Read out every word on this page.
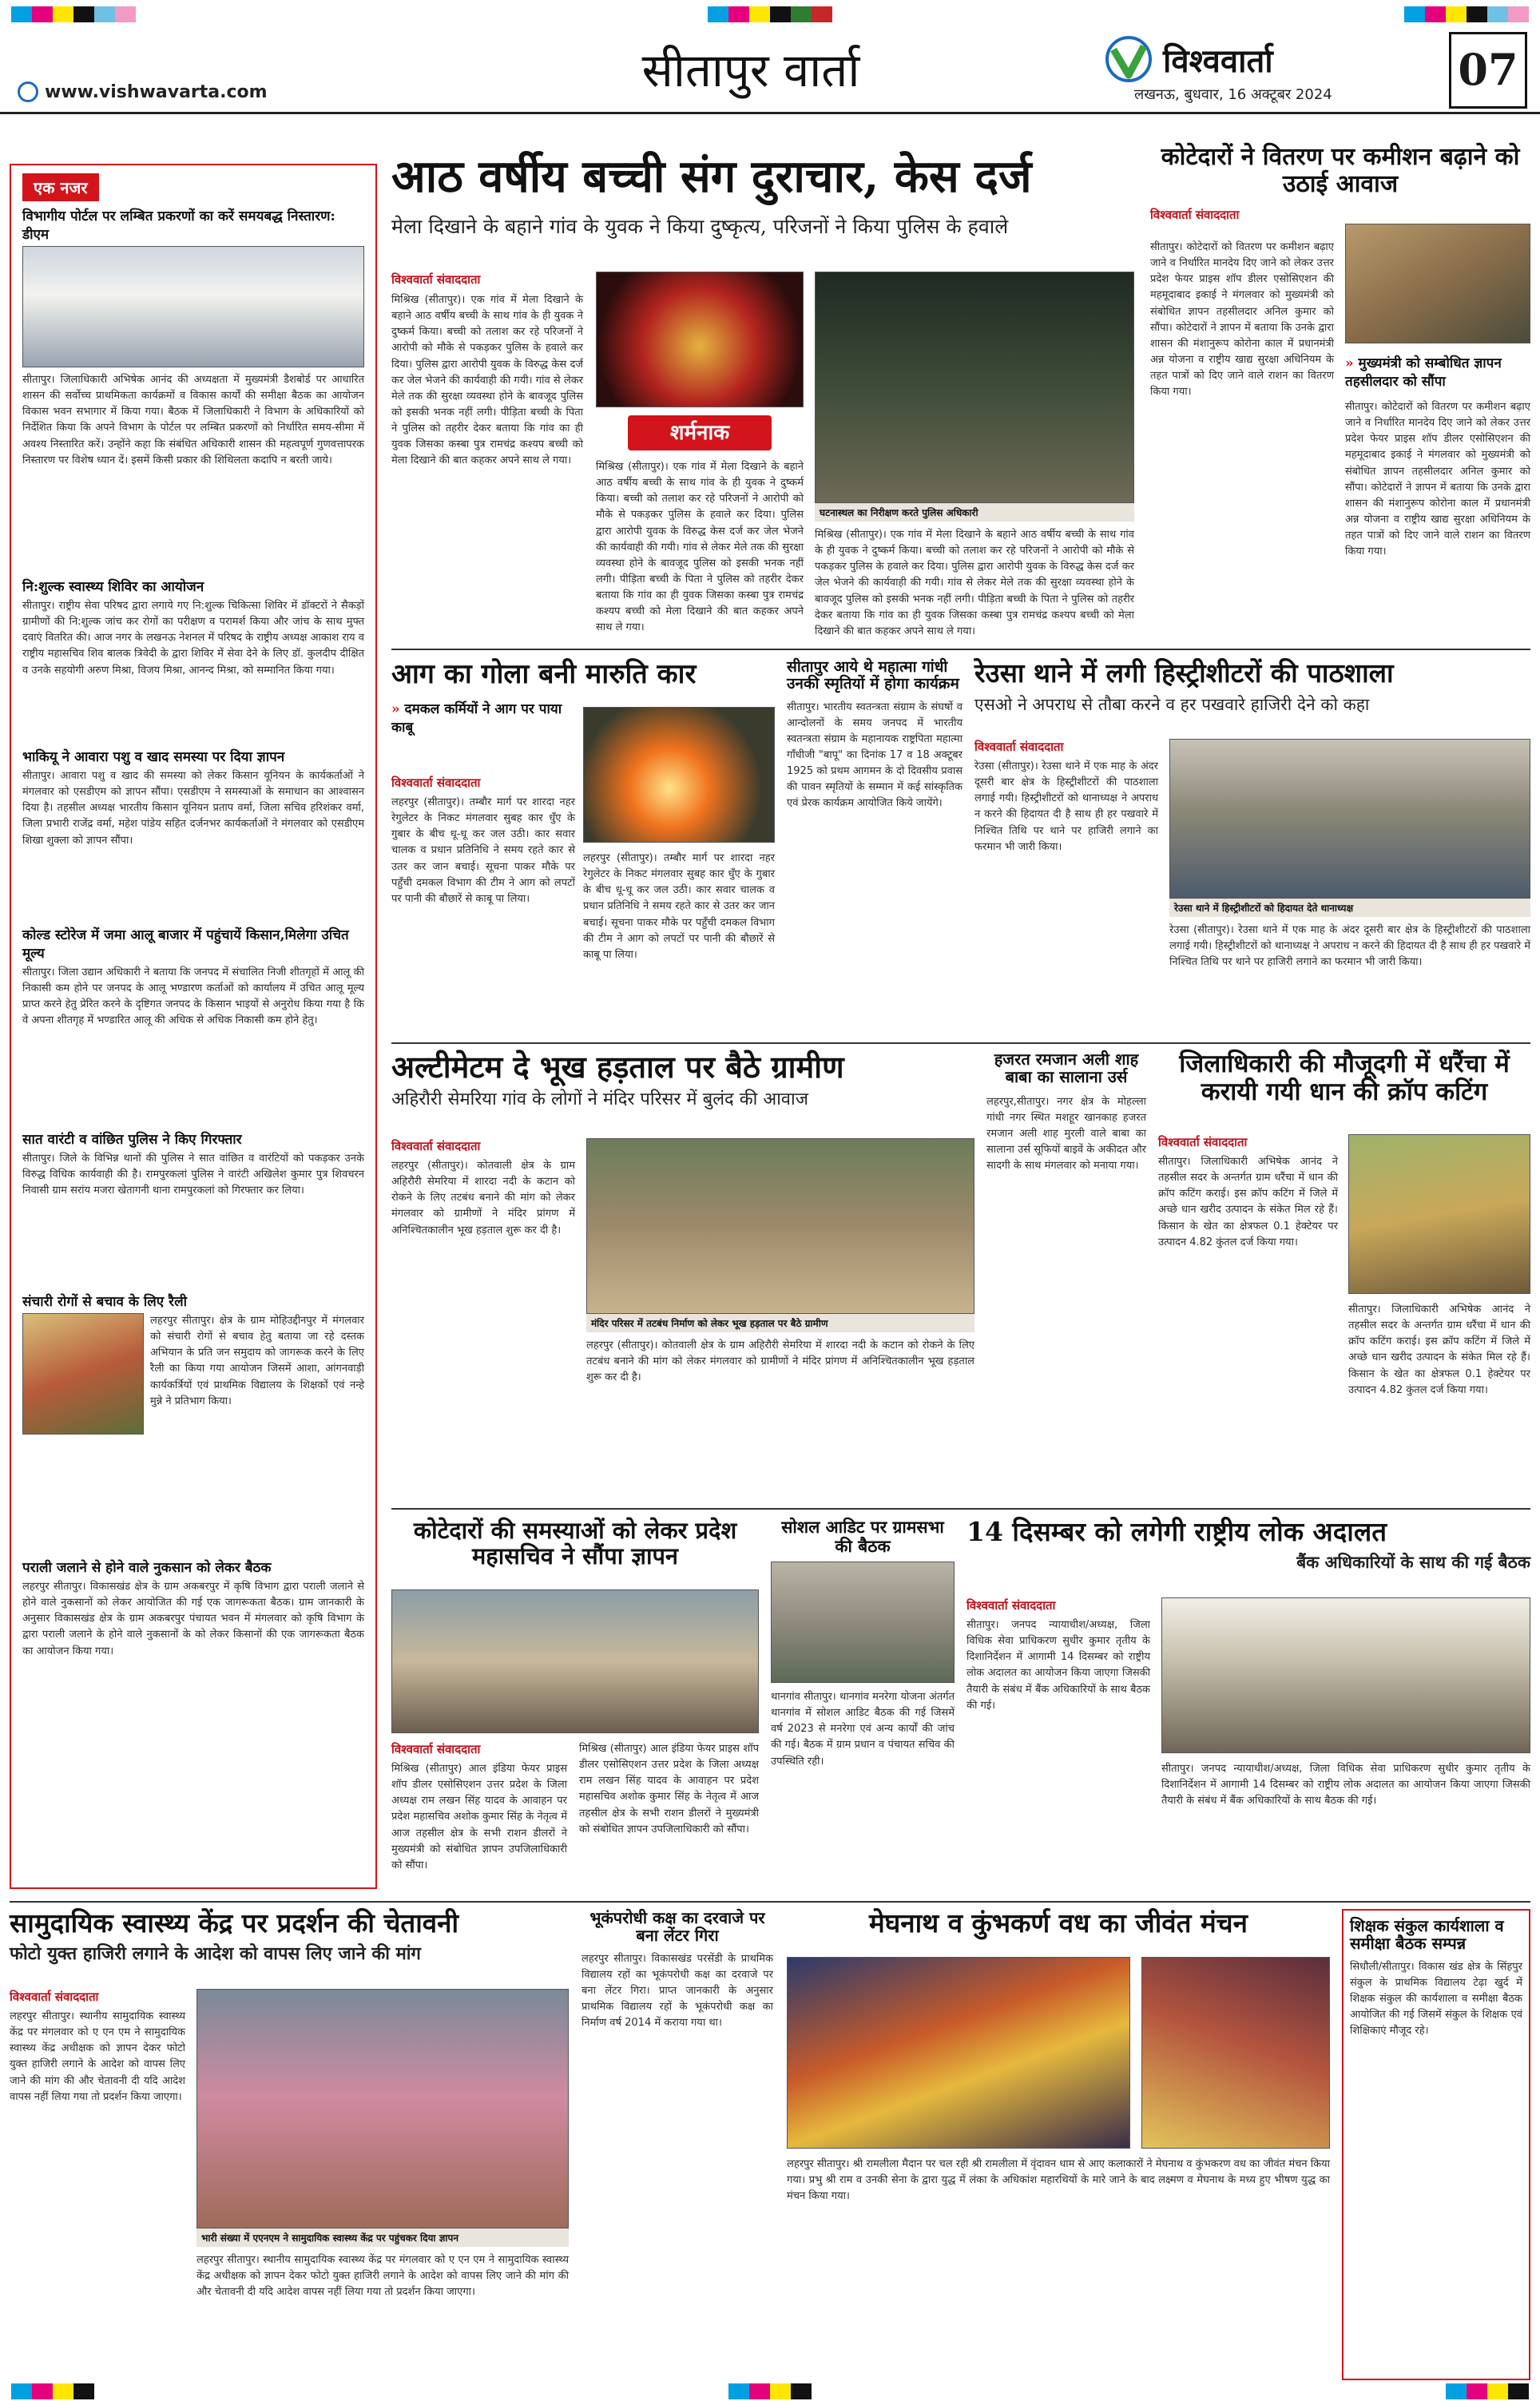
www.vishwavarta.com	सीतापुर वार्ता	विश्ववार्ता
लखनऊ, बुधवार, 16 अक्टूबर 2024	07
एक नजर
विभागीय पोर्टल पर लम्बित प्रकरणों का करें समयबद्ध निस्तारण: डीएम
सीतापुर। जिलाधिकारी अभिषेक आनंद की अध्यक्षता में मुख्यमंत्री डैशबोर्ड पर आधारित शासन की सर्वोच्च प्राथमिकता कार्यक्रमों व विकास कार्यों की समीक्षा बैठक का आयोजन विकास भवन सभागार में किया गया। बैठक में जिलाधिकारी ने विभाग के अधिकारियों को निर्देशित किया कि अपने विभाग के पोर्टल पर लम्बित प्रकरणों को निर्धारित समय-सीमा में अवश्य निस्तारित करें। उन्होंने कहा कि संबंधित अधिकारी शासन की महत्वपूर्ण गुणवत्तापरक निस्तारण पर विशेष ध्यान दें। इसमें किसी प्रकार की शिथिलता कदापि न बरती जाये।
नि:शुल्क स्वास्थ्य शिविर का आयोजन
सीतापुर। राष्ट्रीय सेवा परिषद द्वारा लगाये गए नि:शुल्क चिकित्सा शिविर में डॉक्टरों ने सैकड़ों ग्रामीणों की नि:शुल्क जांच कर रोगों का परीक्षण व परामर्श किया और जांच के साथ मुफ्त दवाएं वितरित की। आज नगर के लखनऊ नेशनल में परिषद के राष्ट्रीय अध्यक्ष आकाश राय व राष्ट्रीय महासचिव शिव बालक त्रिवेदी के द्वारा शिविर में सेवा देने के लिए डॉ. कुलदीप दीक्षित व उनके सहयोगी अरुण मिश्रा, विजय मिश्रा, आनन्द मिश्रा, को सम्मानित किया गया।
भाकियू ने आवारा पशु व खाद समस्या पर दिया ज्ञापन
सीतापुर। आवारा पशु व खाद की समस्या को लेकर किसान यूनियन के कार्यकर्ताओं ने मंगलवार को एसडीएम को ज्ञापन सौंपा। एसडीएम ने समस्याओं के समाधान का आश्वासन दिया है। तहसील अध्यक्ष भारतीय किसान यूनियन प्रताप वर्मा, जिला सचिव हरिशंकर वर्मा, जिला प्रभारी राजेंद्र वर्मा, महेश पांडेय सहित दर्जनभर कार्यकर्ताओं ने मंगलवार को एसडीएम शिखा शुक्ला को ज्ञापन सौंपा।
कोल्ड स्टोरेज में जमा आलू बाजार में पहुंचायें किसान,मिलेगा उचित मूल्य
सीतापुर। जिला उद्यान अधिकारी ने बताया कि जनपद में संचालित निजी शीतगृहों में आलू की निकासी कम होने पर जनपद के आलू भण्डारण कर्ताओं को कार्यालय में उचित आलू मूल्य प्राप्त करने हेतु प्रेरित करने के दृष्टिगत जनपद के किसान भाइयों से अनुरोध किया गया है कि वे अपना शीतगृह में भण्डारित आलू की अधिक से अधिक निकासी कम होने हेतु।
सात वारंटी व वांछित पुलिस ने किए गिरफ्तार
सीतापुर। जिले के विभिन्न थानों की पुलिस ने सात वांछित व वारंटियों को पकड़कर उनके विरुद्ध विधिक कार्यवाही की है। रामपुरकलां पुलिस ने वारंटी अखिलेश कुमार पुत्र शिवचरन निवासी ग्राम सरांय मजरा खेतागनी थाना रामपुरकलां को गिरफ्तार कर लिया।
संचारी रोगों से बचाव के लिए रैली
लहरपुर सीतापुर। क्षेत्र के ग्राम मोहिउद्दीनपुर में मंगलवार को संचारी रोगों से बचाव हेतु बताया जा रहे दस्तक अभियान के प्रति जन समुदाय को जागरूक करने के लिए रैली का किया गया आयोजन जिसमें आशा, आंगनवाड़ी कार्यकर्त्रियों एवं प्राथमिक विद्यालय के शिक्षकों एवं नन्हे मुन्ने ने प्रतिभाग किया।
पराली जलाने से होने वाले नुकसान को लेकर बैठक
लहरपुर सीतापुर। विकासखंड क्षेत्र के ग्राम अकबरपुर में कृषि विभाग द्वारा पराली जलाने से होने वाले नुकसानों को लेकर आयोजित की गई एक जागरूकता बैठक। ग्राम जानकारी के अनुसार विकासखंड क्षेत्र के ग्राम अकबरपुर पंचायत भवन में मंगलवार को कृषि विभाग के द्वारा पराली जलाने के होने वाले नुकसानों के को लेकर किसानों की एक जागरूकता बैठक का आयोजन किया गया।
आठ वर्षीय बच्ची संग दुराचार, केस दर्ज
मेला दिखाने के बहाने गांव के युवक ने किया दुष्कृत्य, परिजनों ने किया पुलिस के हवाले
विश्ववार्ता संवाददाता
मिश्रिख (सीतापुर)। एक गांव में मेला दिखाने के बहाने आठ वर्षीय बच्ची के साथ गांव के ही युवक ने दुष्कर्म किया। बच्ची को तलाश कर रहे परिजनों ने आरोपी को मौके से पकड़कर पुलिस के हवाले कर दिया। पुलिस द्वारा आरोपी युवक के विरुद्ध केस दर्ज कर जेल भेजने की कार्यवाही की गयी। गांव से लेकर मेले तक की सुरक्षा व्यवस्था होने के बावजूद पुलिस को इसकी भनक नहीं लगी। पीड़िता बच्ची के पिता ने पुलिस को तहरीर देकर बताया कि गांव का ही युवक जिसका कस्बा पुत्र रामचंद्र कश्यप बच्ची को मेला दिखाने की बात कहकर अपने साथ ले गया।
शर्मनाक
घटनास्थल का निरीक्षण करते पुलिस अधिकारी
मिश्रिख (सीतापुर)। एक गांव में मेला दिखाने के बहाने आठ वर्षीय बच्ची के साथ गांव के ही युवक ने दुष्कर्म किया। बच्ची को तलाश कर रहे परिजनों ने आरोपी को मौके से पकड़कर पुलिस के हवाले कर दिया। पुलिस द्वारा आरोपी युवक के विरुद्ध केस दर्ज कर जेल भेजने की कार्यवाही की गयी। गांव से लेकर मेले तक की सुरक्षा व्यवस्था होने के बावजूद पुलिस को इसकी भनक नहीं लगी। पीड़िता बच्ची के पिता ने पुलिस को तहरीर देकर बताया कि गांव का ही युवक जिसका कस्बा पुत्र रामचंद्र कश्यप बच्ची को मेला दिखाने की बात कहकर अपने साथ ले गया।
मिश्रिख (सीतापुर)। एक गांव में मेला दिखाने के बहाने आठ वर्षीय बच्ची के साथ गांव के ही युवक ने दुष्कर्म किया। बच्ची को तलाश कर रहे परिजनों ने आरोपी को मौके से पकड़कर पुलिस के हवाले कर दिया। पुलिस द्वारा आरोपी युवक के विरुद्ध केस दर्ज कर जेल भेजने की कार्यवाही की गयी। गांव से लेकर मेले तक की सुरक्षा व्यवस्था होने के बावजूद पुलिस को इसकी भनक नहीं लगी। पीड़िता बच्ची के पिता ने पुलिस को तहरीर देकर बताया कि गांव का ही युवक जिसका कस्बा पुत्र रामचंद्र कश्यप बच्ची को मेला दिखाने की बात कहकर अपने साथ ले गया।
कोटेदारों ने वितरण पर कमीशन बढ़ाने को उठाई आवाज
विश्ववार्ता संवाददाता
सीतापुर। कोटेदारों को वितरण पर कमीशन बढ़ाए जाने व निर्धारित मानदेय दिए जाने को लेकर उत्तर प्रदेश फेयर प्राइस शॉप डीलर एसोसिएशन की महमूदाबाद इकाई ने मंगलवार को मुख्यमंत्री को संबोधित ज्ञापन तहसीलदार अनिल कुमार को सौंपा। कोटेदारों ने ज्ञापन में बताया कि उनके द्वारा शासन की मंशानुरूप कोरोना काल में प्रधानमंत्री अन्न योजना व राष्ट्रीय खाद्य सुरक्षा अधिनियम के तहत पात्रों को दिए जाने वाले राशन का वितरण किया गया।
» मुख्यमंत्री को सम्बोधित ज्ञापन तहसीलदार को सौंपा
सीतापुर। कोटेदारों को वितरण पर कमीशन बढ़ाए जाने व निर्धारित मानदेय दिए जाने को लेकर उत्तर प्रदेश फेयर प्राइस शॉप डीलर एसोसिएशन की महमूदाबाद इकाई ने मंगलवार को मुख्यमंत्री को संबोधित ज्ञापन तहसीलदार अनिल कुमार को सौंपा। कोटेदारों ने ज्ञापन में बताया कि उनके द्वारा शासन की मंशानुरूप कोरोना काल में प्रधानमंत्री अन्न योजना व राष्ट्रीय खाद्य सुरक्षा अधिनियम के तहत पात्रों को दिए जाने वाले राशन का वितरण किया गया।
आग का गोला बनी मारुति कार
» दमकल कर्मियों ने आग पर पाया काबू
विश्ववार्ता संवाददाता
लहरपुर (सीतापुर)। तम्बौर मार्ग पर शारदा नहर रेगुलेटर के निकट मंगलवार सुबह कार धुँए के गुबार के बीच धू-धू कर जल उठी। कार सवार चालक व प्रधान प्रतिनिधि ने समय रहते कार से उतर कर जान बचाई। सूचना पाकर मौके पर पहुँची दमकल विभाग की टीम ने आग को लपटों पर पानी की बौछारें से काबू पा लिया।
लहरपुर (सीतापुर)। तम्बौर मार्ग पर शारदा नहर रेगुलेटर के निकट मंगलवार सुबह कार धुँए के गुबार के बीच धू-धू कर जल उठी। कार सवार चालक व प्रधान प्रतिनिधि ने समय रहते कार से उतर कर जान बचाई। सूचना पाकर मौके पर पहुँची दमकल विभाग की टीम ने आग को लपटों पर पानी की बौछारें से काबू पा लिया।
सीतापुर आये थे महात्मा गांधी उनकी स्मृतियों में होगा कार्यक्रम
सीतापुर। भारतीय स्वतन्त्रता संग्राम के संघर्षो व आन्दोलनों के समय जनपद में भारतीय स्वतन्त्रता संग्राम के महानायक राष्ट्रपिता महात्मा गाँधीजी "बापू" का दिनांक 17 व 18 अक्टूबर 1925 को प्रथम आगमन के दो दिवसीय प्रवास की पावन स्मृतियों के सम्मान में कई सांस्कृतिक एवं प्रेरक कार्यक्रम आयोजित किये जायेंगे।
रेउसा थाने में लगी हिस्ट्रीशीटरों की पाठशाला
एसओ ने अपराध से तौबा करने व हर पखवारे हाजिरी देने को कहा
विश्ववार्ता संवाददाता
रेउसा (सीतापुर)। रेउसा थाने में एक माह के अंदर दूसरी बार क्षेत्र के हिस्ट्रीशीटरों की पाठशाला लगाई गयी। हिस्ट्रीशीटरों को थानाध्यक्ष ने अपराध न करने की हिदायत दी है साथ ही हर पखवारे में निश्चित तिथि पर थाने पर हाजिरी लगाने का फरमान भी जारी किया।
रेउसा थाने में हिस्ट्रीशीटरों को हिदायत देते थानाध्यक्ष
रेउसा (सीतापुर)। रेउसा थाने में एक माह के अंदर दूसरी बार क्षेत्र के हिस्ट्रीशीटरों की पाठशाला लगाई गयी। हिस्ट्रीशीटरों को थानाध्यक्ष ने अपराध न करने की हिदायत दी है साथ ही हर पखवारे में निश्चित तिथि पर थाने पर हाजिरी लगाने का फरमान भी जारी किया।
अल्टीमेटम दे भूख हड़ताल पर बैठे ग्रामीण
अहिरौरी सेमरिया गांव के लोगों ने मंदिर परिसर में बुलंद की आवाज
विश्ववार्ता संवाददाता
लहरपुर (सीतापुर)। कोतवाली क्षेत्र के ग्राम अहिरौरी सेमरिया में शारदा नदी के कटान को रोकने के लिए तटबंध बनाने की मांग को लेकर मंगलवार को ग्रामीणों ने मंदिर प्रांगण में अनिश्चितकालीन भूख हड़ताल शुरू कर दी है।
मंदिर परिसर में तटबंध निर्माण को लेकर भूख हड़ताल पर बैठे ग्रामीण
लहरपुर (सीतापुर)। कोतवाली क्षेत्र के ग्राम अहिरौरी सेमरिया में शारदा नदी के कटान को रोकने के लिए तटबंध बनाने की मांग को लेकर मंगलवार को ग्रामीणों ने मंदिर प्रांगण में अनिश्चितकालीन भूख हड़ताल शुरू कर दी है।
हजरत रमजान अली शाह बाबा का सालाना उर्स
लहरपुर,सीतापुर। नगर क्षेत्र के मोहल्ला गांधी नगर स्थित मशहूर खानकाह हजरत रमजान अली शाह मुरली वाले बाबा का सालाना उर्स सूफियों बाइवें के अकीदत और सादगी के साथ मंगलवार को मनाया गया।
जिलाधिकारी की मौजूदगी में धरैंचा में करायी गयी धान की क्रॉप कटिंग
विश्ववार्ता संवाददाता
सीतापुर। जिलाधिकारी अभिषेक आनंद ने तहसील सदर के अन्तर्गत ग्राम धरैंचा में धान की क्रॉप कटिंग कराई। इस क्रॉप कटिंग में जिले में अच्छे धान खरीद उत्पादन के संकेत मिल रहे हैं। किसान के खेत का क्षेत्रफल 0.1 हेक्टेयर पर उत्पादन 4.82 कुंतल दर्ज किया गया।
सीतापुर। जिलाधिकारी अभिषेक आनंद ने तहसील सदर के अन्तर्गत ग्राम धरैंचा में धान की क्रॉप कटिंग कराई। इस क्रॉप कटिंग में जिले में अच्छे धान खरीद उत्पादन के संकेत मिल रहे हैं। किसान के खेत का क्षेत्रफल 0.1 हेक्टेयर पर उत्पादन 4.82 कुंतल दर्ज किया गया।
कोटेदारों की समस्याओं को लेकर प्रदेश महासचिव ने सौंपा ज्ञापन
विश्ववार्ता संवाददाता
मिश्रिख (सीतापुर) आल इंडिया फेयर प्राइस शॉप डीलर एसोसिएशन उत्तर प्रदेश के जिला अध्यक्ष राम लखन सिंह यादव के आवाहन पर प्रदेश महासचिव अशोक कुमार सिंह के नेतृत्व में आज तहसील क्षेत्र के सभी राशन डीलरों ने मुख्यमंत्री को संबोधित ज्ञापन उपजिलाधिकारी को सौंपा।
मिश्रिख (सीतापुर) आल इंडिया फेयर प्राइस शॉप डीलर एसोसिएशन उत्तर प्रदेश के जिला अध्यक्ष राम लखन सिंह यादव के आवाहन पर प्रदेश महासचिव अशोक कुमार सिंह के नेतृत्व में आज तहसील क्षेत्र के सभी राशन डीलरों ने मुख्यमंत्री को संबोधित ज्ञापन उपजिलाधिकारी को सौंपा।
सोशल आडिट पर ग्रामसभा की बैठक
थानगांव सीतापुर। थानगांव मनरेगा योजना अंतर्गत थानगांव में सोशल आडिट बैठक की गई जिसमें वर्ष 2023 से मनरेगा एवं अन्य कार्यों की जांच की गई। बैठक में ग्राम प्रधान व पंचायत सचिव की उपस्थिति रही।
14 दिसम्बर को लगेगी राष्ट्रीय लोक अदालत
बैंक अधिकारियों के साथ की गई बैठक
विश्ववार्ता संवाददाता
सीतापुर। जनपद न्यायाधीश/अध्यक्ष, जिला विधिक सेवा प्राधिकरण सुधीर कुमार तृतीय के दिशानिर्देशन में आगामी 14 दिसम्बर को राष्ट्रीय लोक अदालत का आयोजन किया जाएगा जिसकी तैयारी के संबंध में बैंक अधिकारियों के साथ बैठक की गई।
सीतापुर। जनपद न्यायाधीश/अध्यक्ष, जिला विधिक सेवा प्राधिकरण सुधीर कुमार तृतीय के दिशानिर्देशन में आगामी 14 दिसम्बर को राष्ट्रीय लोक अदालत का आयोजन किया जाएगा जिसकी तैयारी के संबंध में बैंक अधिकारियों के साथ बैठक की गई।
सामुदायिक स्वास्थ्य केंद्र पर प्रदर्शन की चेतावनी
फोटो युक्त हाजिरी लगाने के आदेश को वापस लिए जाने की मांग
विश्ववार्ता संवाददाता
लहरपुर सीतापुर। स्थानीय सामुदायिक स्वास्थ्य केंद्र पर मंगलवार को ए एन एम ने सामुदायिक स्वास्थ्य केंद्र अधीक्षक को ज्ञापन देकर फोटो युक्त हाजिरी लगाने के आदेश को वापस लिए जाने की मांग की और चेतावनी दी यदि आदेश वापस नहीं लिया गया तो प्रदर्शन किया जाएगा।
भारी संख्या में एएनएम ने सामुदायिक स्वास्थ्य केंद्र पर पहुंचकर दिया ज्ञापन
लहरपुर सीतापुर। स्थानीय सामुदायिक स्वास्थ्य केंद्र पर मंगलवार को ए एन एम ने सामुदायिक स्वास्थ्य केंद्र अधीक्षक को ज्ञापन देकर फोटो युक्त हाजिरी लगाने के आदेश को वापस लिए जाने की मांग की और चेतावनी दी यदि आदेश वापस नहीं लिया गया तो प्रदर्शन किया जाएगा।
भूकंपरोधी कक्ष का दरवाजे पर बना लेंटर गिरा
लहरपुर सीतापुर। विकासखंड परसेंडी के प्राथमिक विद्यालय रहों का भूकंपरोधी कक्ष का दरवाजे पर बना लेंटर गिरा। प्राप्त जानकारी के अनुसार प्राथमिक विद्यालय रहों के भूकंपरोधी कक्ष का निर्माण वर्ष 2014 में कराया गया था।
मेघनाथ व कुंभकर्ण वध का जीवंत मंचन
लहरपुर सीतापुर। श्री रामलीला मैदान पर चल रही श्री रामलीला में वृंदावन धाम से आए कलाकारों ने मेघनाथ व कुंभकरण वध का जीवंत मंचन किया गया। प्रभु श्री राम व उनकी सेना के द्वारा युद्ध में लंका के अधिकांश महारथियों के मारे जाने के बाद लक्ष्मण व मेघनाथ के मध्य हुए भीषण युद्ध का मंचन किया गया।
शिक्षक संकुल कार्यशाला व समीक्षा बैठक सम्पन्न
सिधौली/सीतापुर। विकास खंड क्षेत्र के सिंहपुर संकुल के प्राथमिक विद्यालय टेढ़ा खुर्द में शिक्षक संकुल की कार्यशाला व समीक्षा बैठक आयोजित की गई जिसमें संकुल के शिक्षक एवं शिक्षिकाएं मौजूद रहे।
